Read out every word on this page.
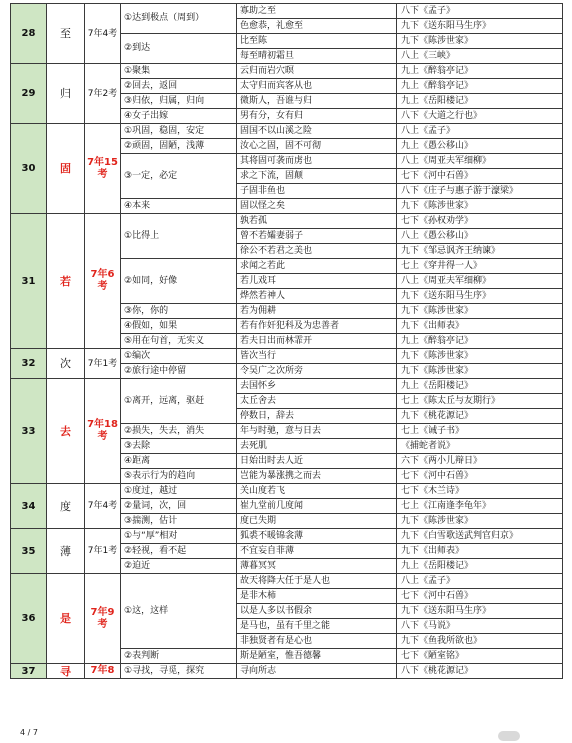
28	至	7年4考	①达到极点（周到）	寡助之至	八下《孟子》
				色愈恭，礼愈至	九下《送东阳马生序》
			②到达	比至陈	九下《陈涉世家》
				每至晴初霜旦	八上《三峡》
29	归	7年2考	①聚集	云归而岩穴暝	九上《醉翁亭记》
			②回去，返回	太守归而宾客从也	九上《醉翁亭记》
			③归依，归属，归向	微斯人，吾谁与归	九上《岳阳楼记》
			④女子出嫁	男有分，女有归	八下《大道之行也》
30	固	7年15考	①巩固，稳固，安定	固国不以山溪之险	八上《孟子》
			②顽固，固陋，浅薄	汝心之固，固不可彻	九上《愚公移山》
			③一定，必定	其将固可袭而虏也	八上《周亚夫军细柳》
				求之下流，固颠	七下《河中石兽》
				子固非鱼也	八下《庄子与惠子游于濠梁》
			④本来	固以怪之矣	九下《陈涉世家》
31	若	7年6考	①比得上	孰若孤	七下《孙权劝学》
				曾不若孀妻弱子	八上《愚公移山》
				徐公不若君之美也	九下《邹忌讽齐王纳谏》
			②如同，好像	求闻之若此	七上《穿井得一人》
				若儿戏耳	八上《周亚夫军细柳》
				烨然若神人	九下《送东阳马生序》
			③你，你的	若为佣耕	九下《陈涉世家》
			④假如，如果	若有作奸犯科及为忠善者	九下《出师表》
			⑤用在句首，无实义	若夫日出而林霏开	九上《醉翁亭记》
32	次	7年1考	①编次	皆次当行	九下《陈涉世家》
			②旅行途中停留	令吴广之次所旁	九下《陈涉世家》
33	去	7年18考	①离开，远离，驱赶	去国怀乡	九上《岳阳楼记》
				太丘舍去	七上《陈太丘与友期行》
				停数日，辞去	九下《桃花源记》
			②损失，失去，消失	年与时驰，意与日去	七上《诫子书》
			③去除	去死肌	《捕蛇者说》
			④距离	日始出时去人近	六下《两小儿辩日》
			⑤表示行为的趋向	岂能为暴涨携之而去	七下《河中石兽》
34	度	7年4考	①度过，越过	关山度若飞	七下《木兰诗》
			②量词，次，回	崔九堂前几度闻	七上《江南逢李龟年》
			③揣测，估计	度已失期	九下《陈涉世家》
35	薄	7年1考	①与“厚”相对	狐裘不暖锦衾薄	九下《白雪歌送武判官归京》
			②轻视，看不起	不宜妄自菲薄	九下《出师表》
			②迫近	薄暮冥冥	九上《岳阳楼记》
36	是	7年9考	①这，这样	故天将降大任于是人也	八上《孟子》
				是非木柿	七下《河中石兽》
				以是人多以书假余	九下《送东阳马生序》
				是马也，虽有千里之能	八下《马说》
				非独贤者有是心也	九下《鱼我所欲也》
			②表判断	斯是陋室，惟吾德馨	七下《陋室铭》
37	寻	7年8	①寻找，寻觅，探究	寻向所志	八下《桃花源记》
4 / 7
